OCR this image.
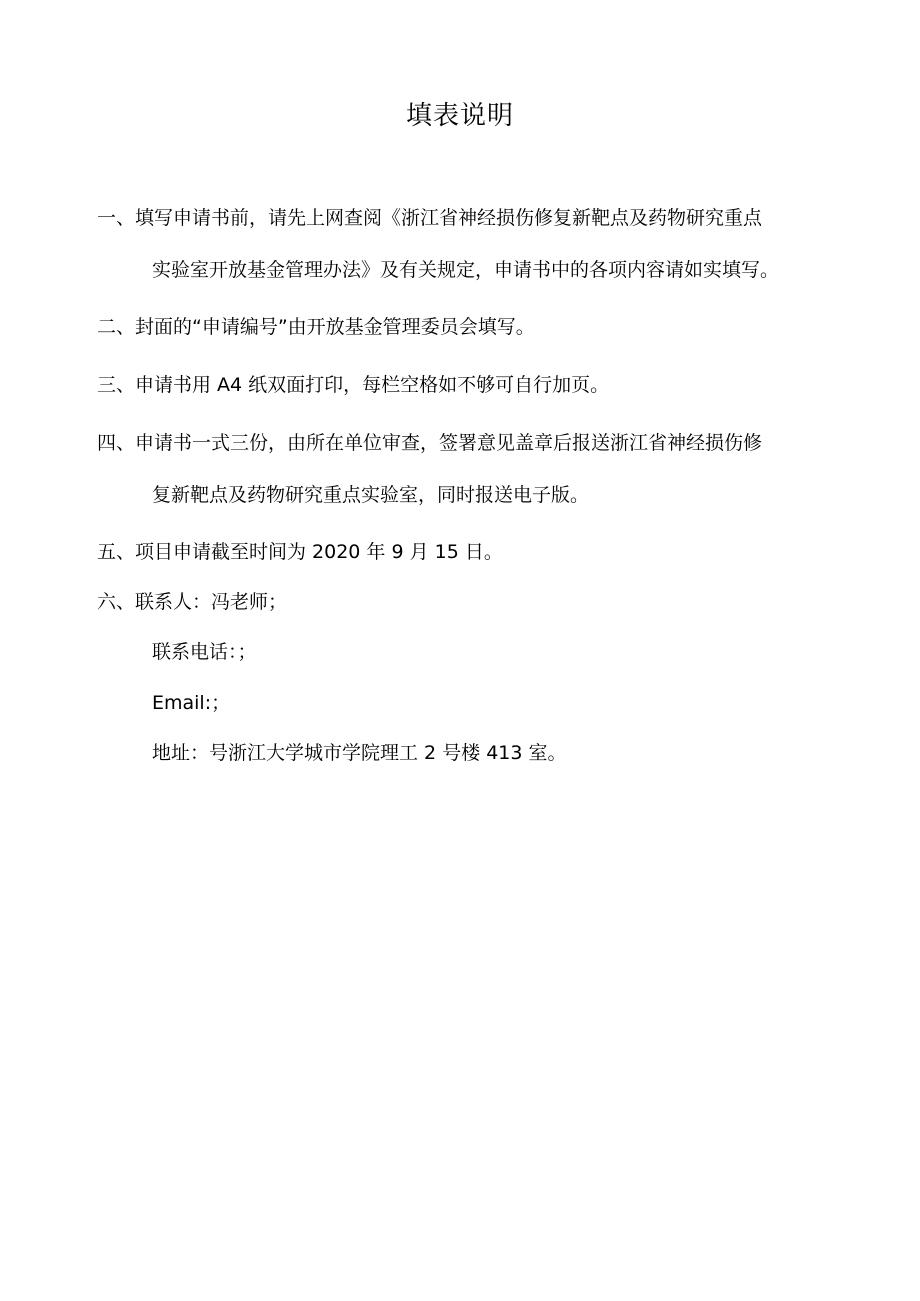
填表说明
一、填写申请书前，请先上网查阅《浙江省神经损伤修复新靶点及药物研究重点
实验室开放基金管理办法》及有关规定，申请书中的各项内容请如实填写。
二、封面的“申请编号”由开放基金管理委员会填写。
三、申请书用 A4 纸双面打印，每栏空格如不够可自行加页。
四、申请书一式三份，由所在单位审查，签署意见盖章后报送浙江省神经损伤修
复新靶点及药物研究重点实验室，同时报送电子版。
五、项目申请截至时间为 2020 年 9 月 15 日。
六、联系人：冯老师；
联系电话：；
Email:；
地址：号浙江大学城市学院理工 2 号楼 413 室。
